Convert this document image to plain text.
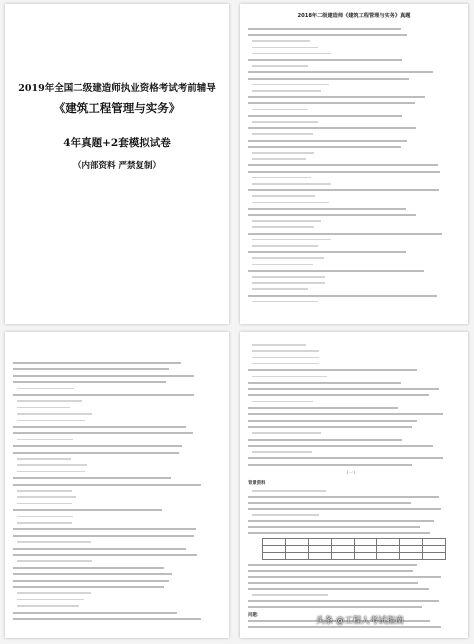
2019年全国二级建造师执业资格考试考前辅导
《建筑工程管理与实务》
4年真题+2套模拟试卷
（内部资料 严禁复制）
2018年二级建造师《建筑工程管理与实务》真题
（一）
背景资料

问题：
头条 @工程人考试指南
